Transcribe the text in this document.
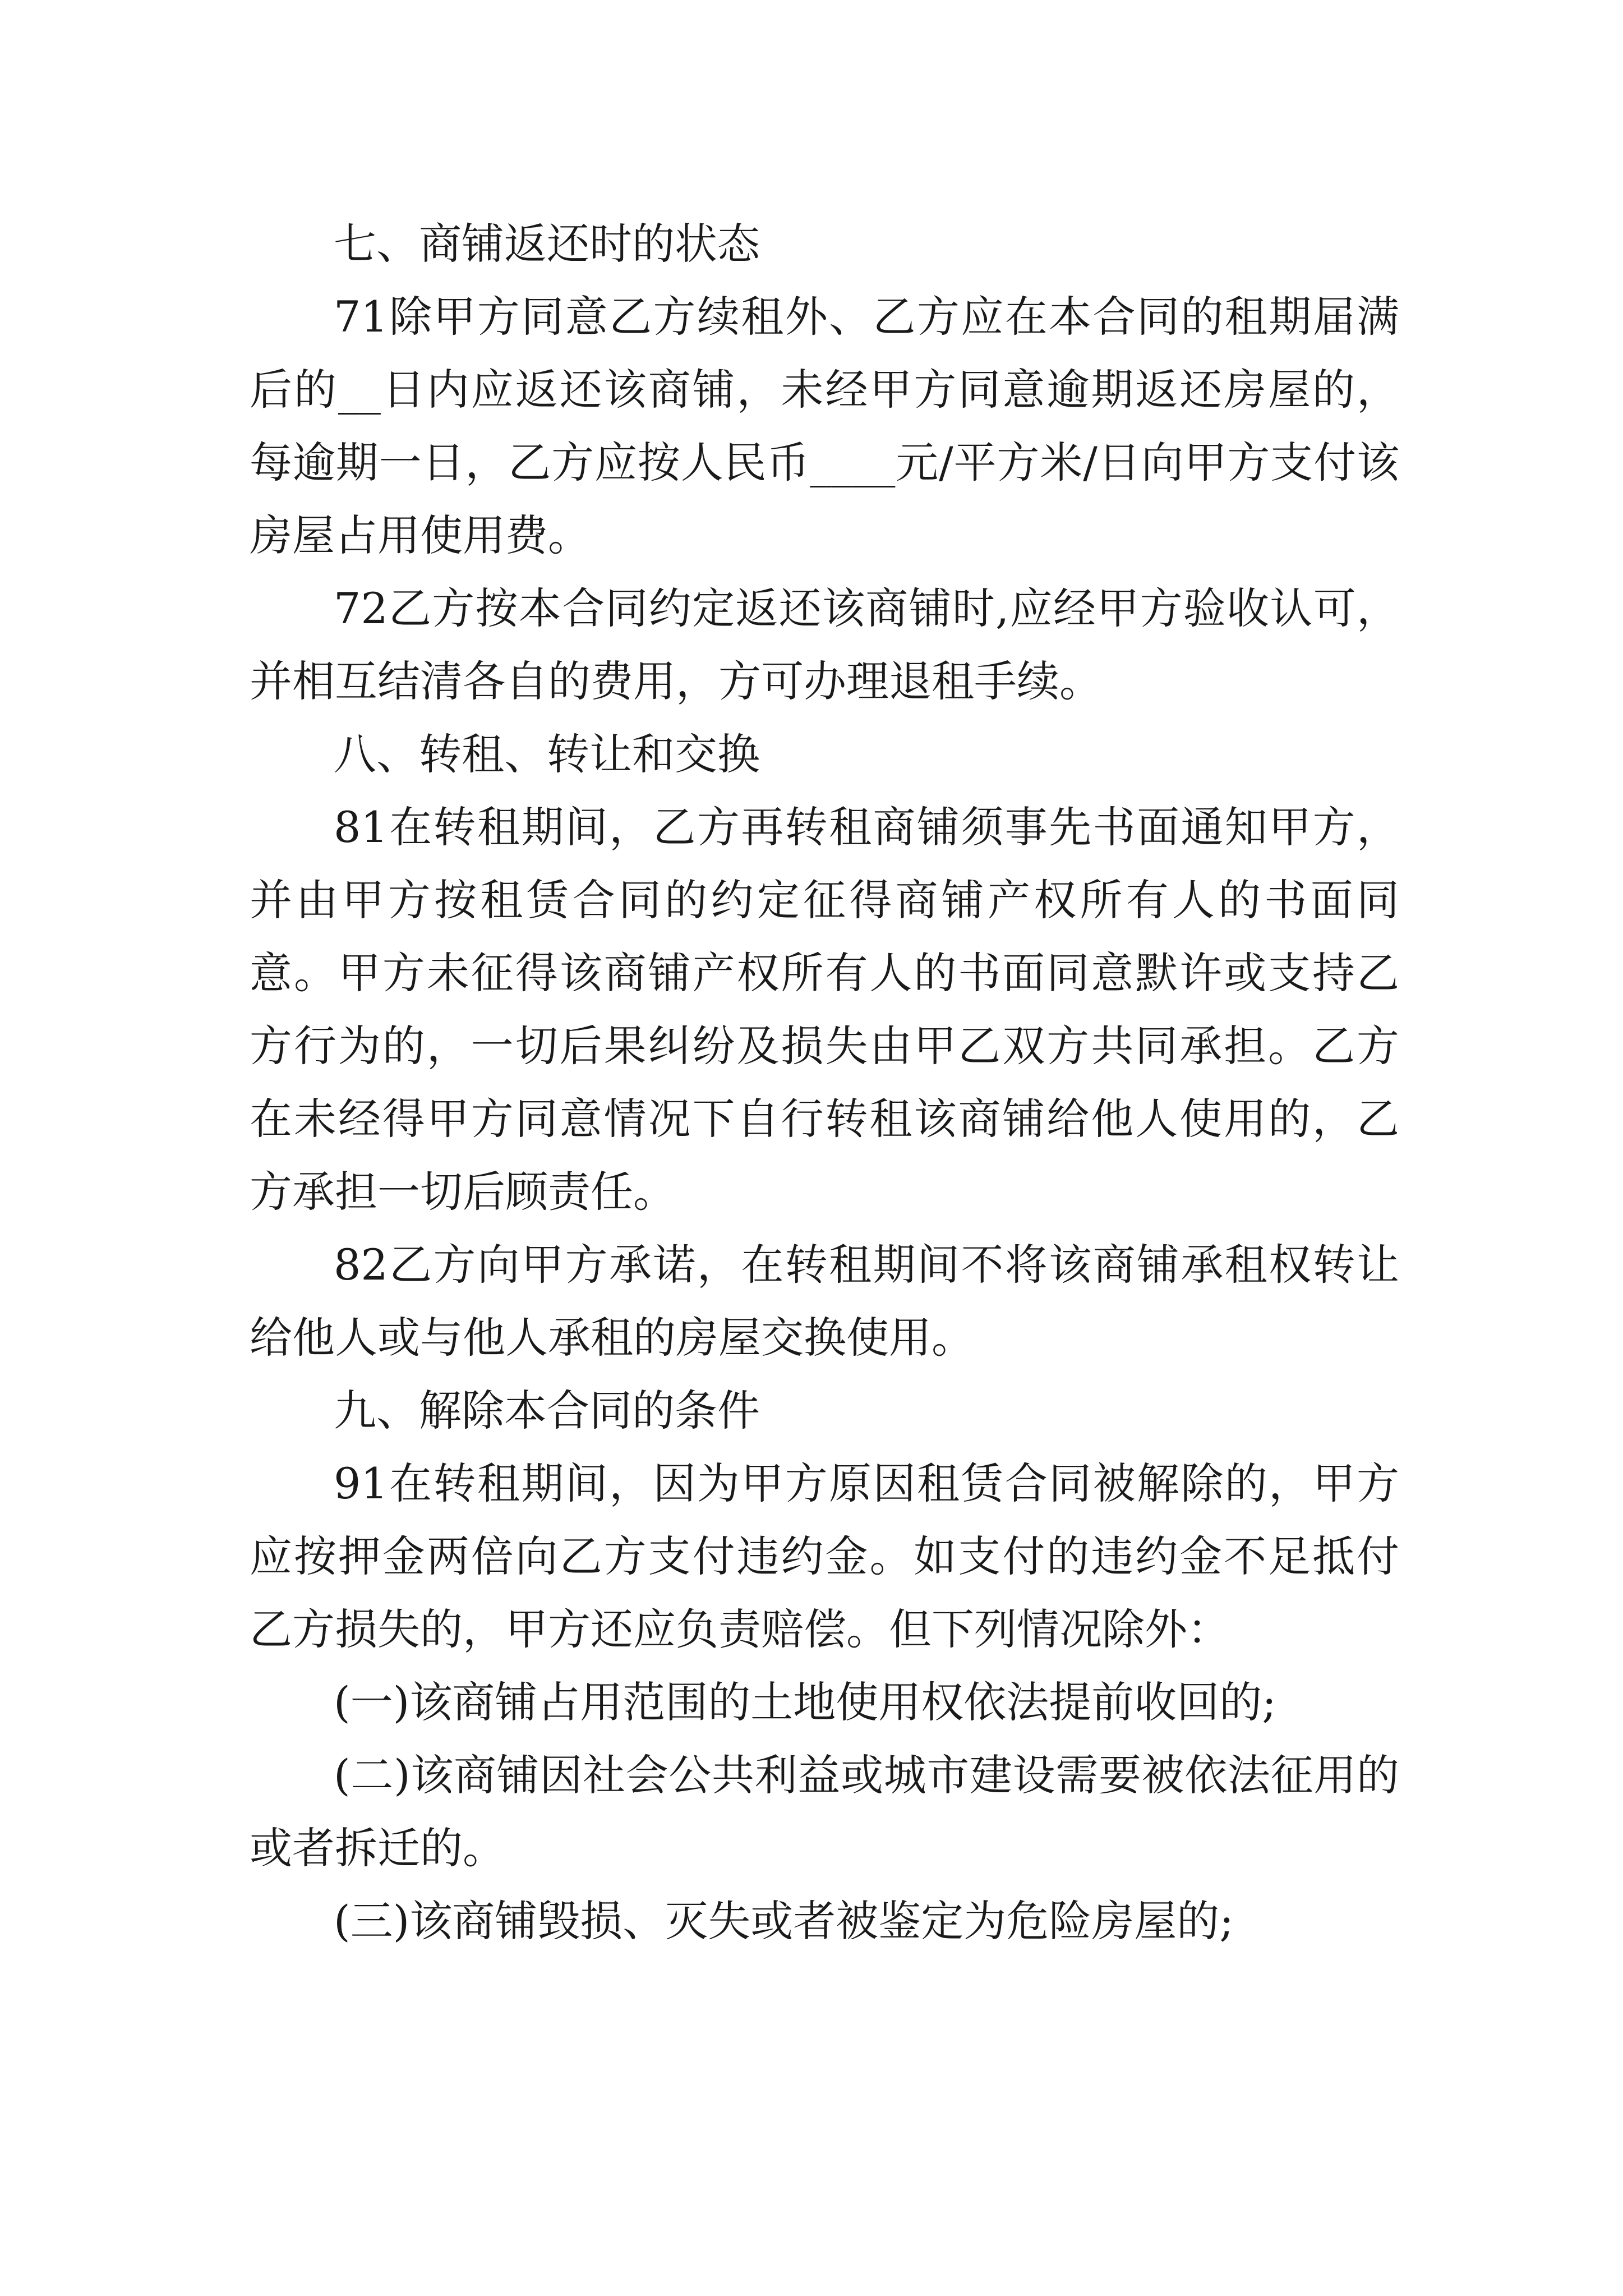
七、商铺返还时的状态

71除甲方同意乙方续租外、乙方应在本合同的租期届满后的__日内应返还该商铺，未经甲方同意逾期返还房屋的，每逾期一日，乙方应按人民币____元/平方米/日向甲方支付该房屋占用使用费。

72乙方按本合同约定返还该商铺时,应经甲方验收认可，并相互结清各自的费用，方可办理退租手续。

八、转租、转让和交换

81在转租期间，乙方再转租商铺须事先书面通知甲方，并由甲方按租赁合同的约定征得商铺产权所有人的书面同意。甲方未征得该商铺产权所有人的书面同意默许或支持乙方行为的，一切后果纠纷及损失由甲乙双方共同承担。乙方在未经得甲方同意情况下自行转租该商铺给他人使用的，乙方承担一切后顾责任。

82乙方向甲方承诺，在转租期间不将该商铺承租权转让给他人或与他人承租的房屋交换使用。

九、解除本合同的条件

91在转租期间，因为甲方原因租赁合同被解除的，甲方应按押金两倍向乙方支付违约金。如支付的违约金不足抵付乙方损失的，甲方还应负责赔偿。但下列情况除外：

(一)该商铺占用范围的土地使用权依法提前收回的;

(二)该商铺因社会公共利益或城市建设需要被依法征用的或者拆迁的。

(三)该商铺毁损、灭失或者被鉴定为危险房屋的;
